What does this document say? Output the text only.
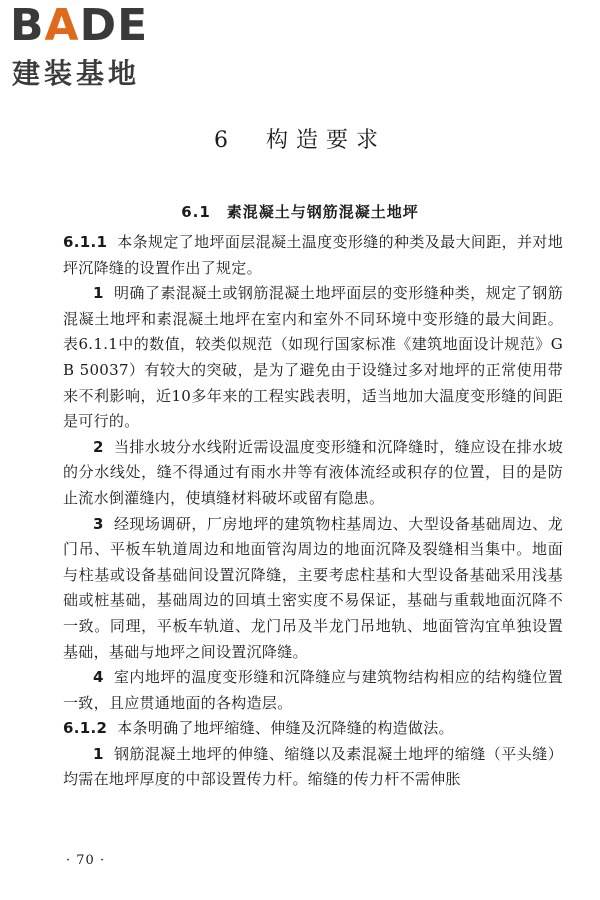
BADE
建装基地
6　构造要求
6.1　素混凝土与钢筋混凝土地坪

6.1.1 本条规定了地坪面层混凝土温度变形缝的种类及最大间距，并对地坪沉降缝的设置作出了规定。

1 明确了素混凝土或钢筋混凝土地坪面层的变形缝种类，规定了钢筋混凝土地坪和素混凝土地坪在室内和室外不同环境中变形缝的最大间距。表6.1.1中的数值，较类似规范（如现行国家标准《建筑地面设计规范》GB 50037）有较大的突破，是为了避免由于设缝过多对地坪的正常使用带来不利影响，近10多年来的工程实践表明，适当地加大温度变形缝的间距是可行的。

2 当排水坡分水线附近需设温度变形缝和沉降缝时，缝应设在排水坡的分水线处，缝不得通过有雨水井等有液体流经或积存的位置，目的是防止流水倒灌缝内，使填缝材料破坏或留有隐患。

3 经现场调研，厂房地坪的建筑物柱基周边、大型设备基础周边、龙门吊、平板车轨道周边和地面管沟周边的地面沉降及裂缝相当集中。地面与柱基或设备基础间设置沉降缝，主要考虑柱基和大型设备基础采用浅基础或桩基础，基础周边的回填土密实度不易保证，基础与重载地面沉降不一致。同理，平板车轨道、龙门吊及半龙门吊地轨、地面管沟宜单独设置基础，基础与地坪之间设置沉降缝。

4 室内地坪的温度变形缝和沉降缝应与建筑物结构相应的结构缝位置一致，且应贯通地面的各构造层。

6.1.2 本条明确了地坪缩缝、伸缝及沉降缝的构造做法。

1 钢筋混凝土地坪的伸缝、缩缝以及素混凝土地坪的缩缝（平头缝）均需在地坪厚度的中部设置传力杆。缩缝的传力杆不需伸胀

· 70 ·
